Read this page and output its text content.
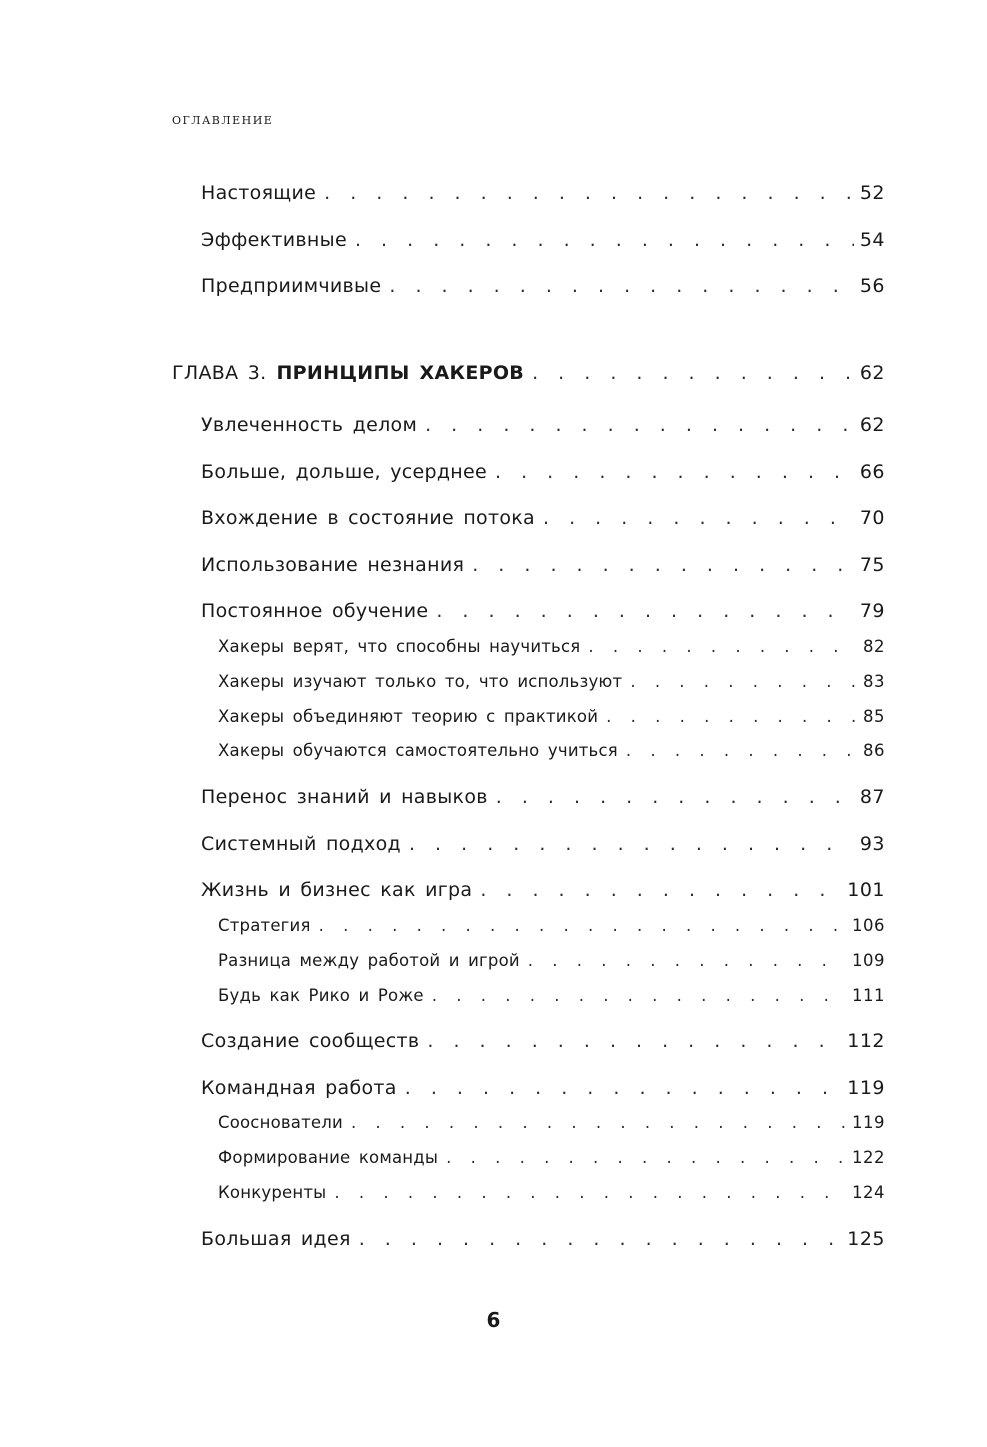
оглавление
Настоящие . . .	52
Эффективные . . .	54
Предприимчивые . . .	56
ГЛАВА 3. ПРИНЦИПЫ ХАКЕРОВ . . .	62
Увлеченность делом . . .	62
Больше, дольше, усерднее . . .	66
Вхождение в состояние потока . . .	70
Использование незнания . . .	75
Постоянное обучение . . .	79
Хакеры верят, что способны научиться . . .	82
Хакеры изучают только то, что используют . . .	83
Хакеры объединяют теорию с практикой . . .	85
Хакеры обучаются самостоятельно учиться . . .	86
Перенос знаний и навыков . . .	87
Системный подход . . .	93
Жизнь и бизнес как игра . . .	101
Стратегия . . .	106
Разница между работой и игрой . . .	109
Будь как Рико и Роже . . .	111
Создание сообществ . . .	112
Командная работа . . .	119
Сооснователи . . .	119
Формирование команды . . .	122
Конкуренты . . .	124
Большая идея . . .	125
6
